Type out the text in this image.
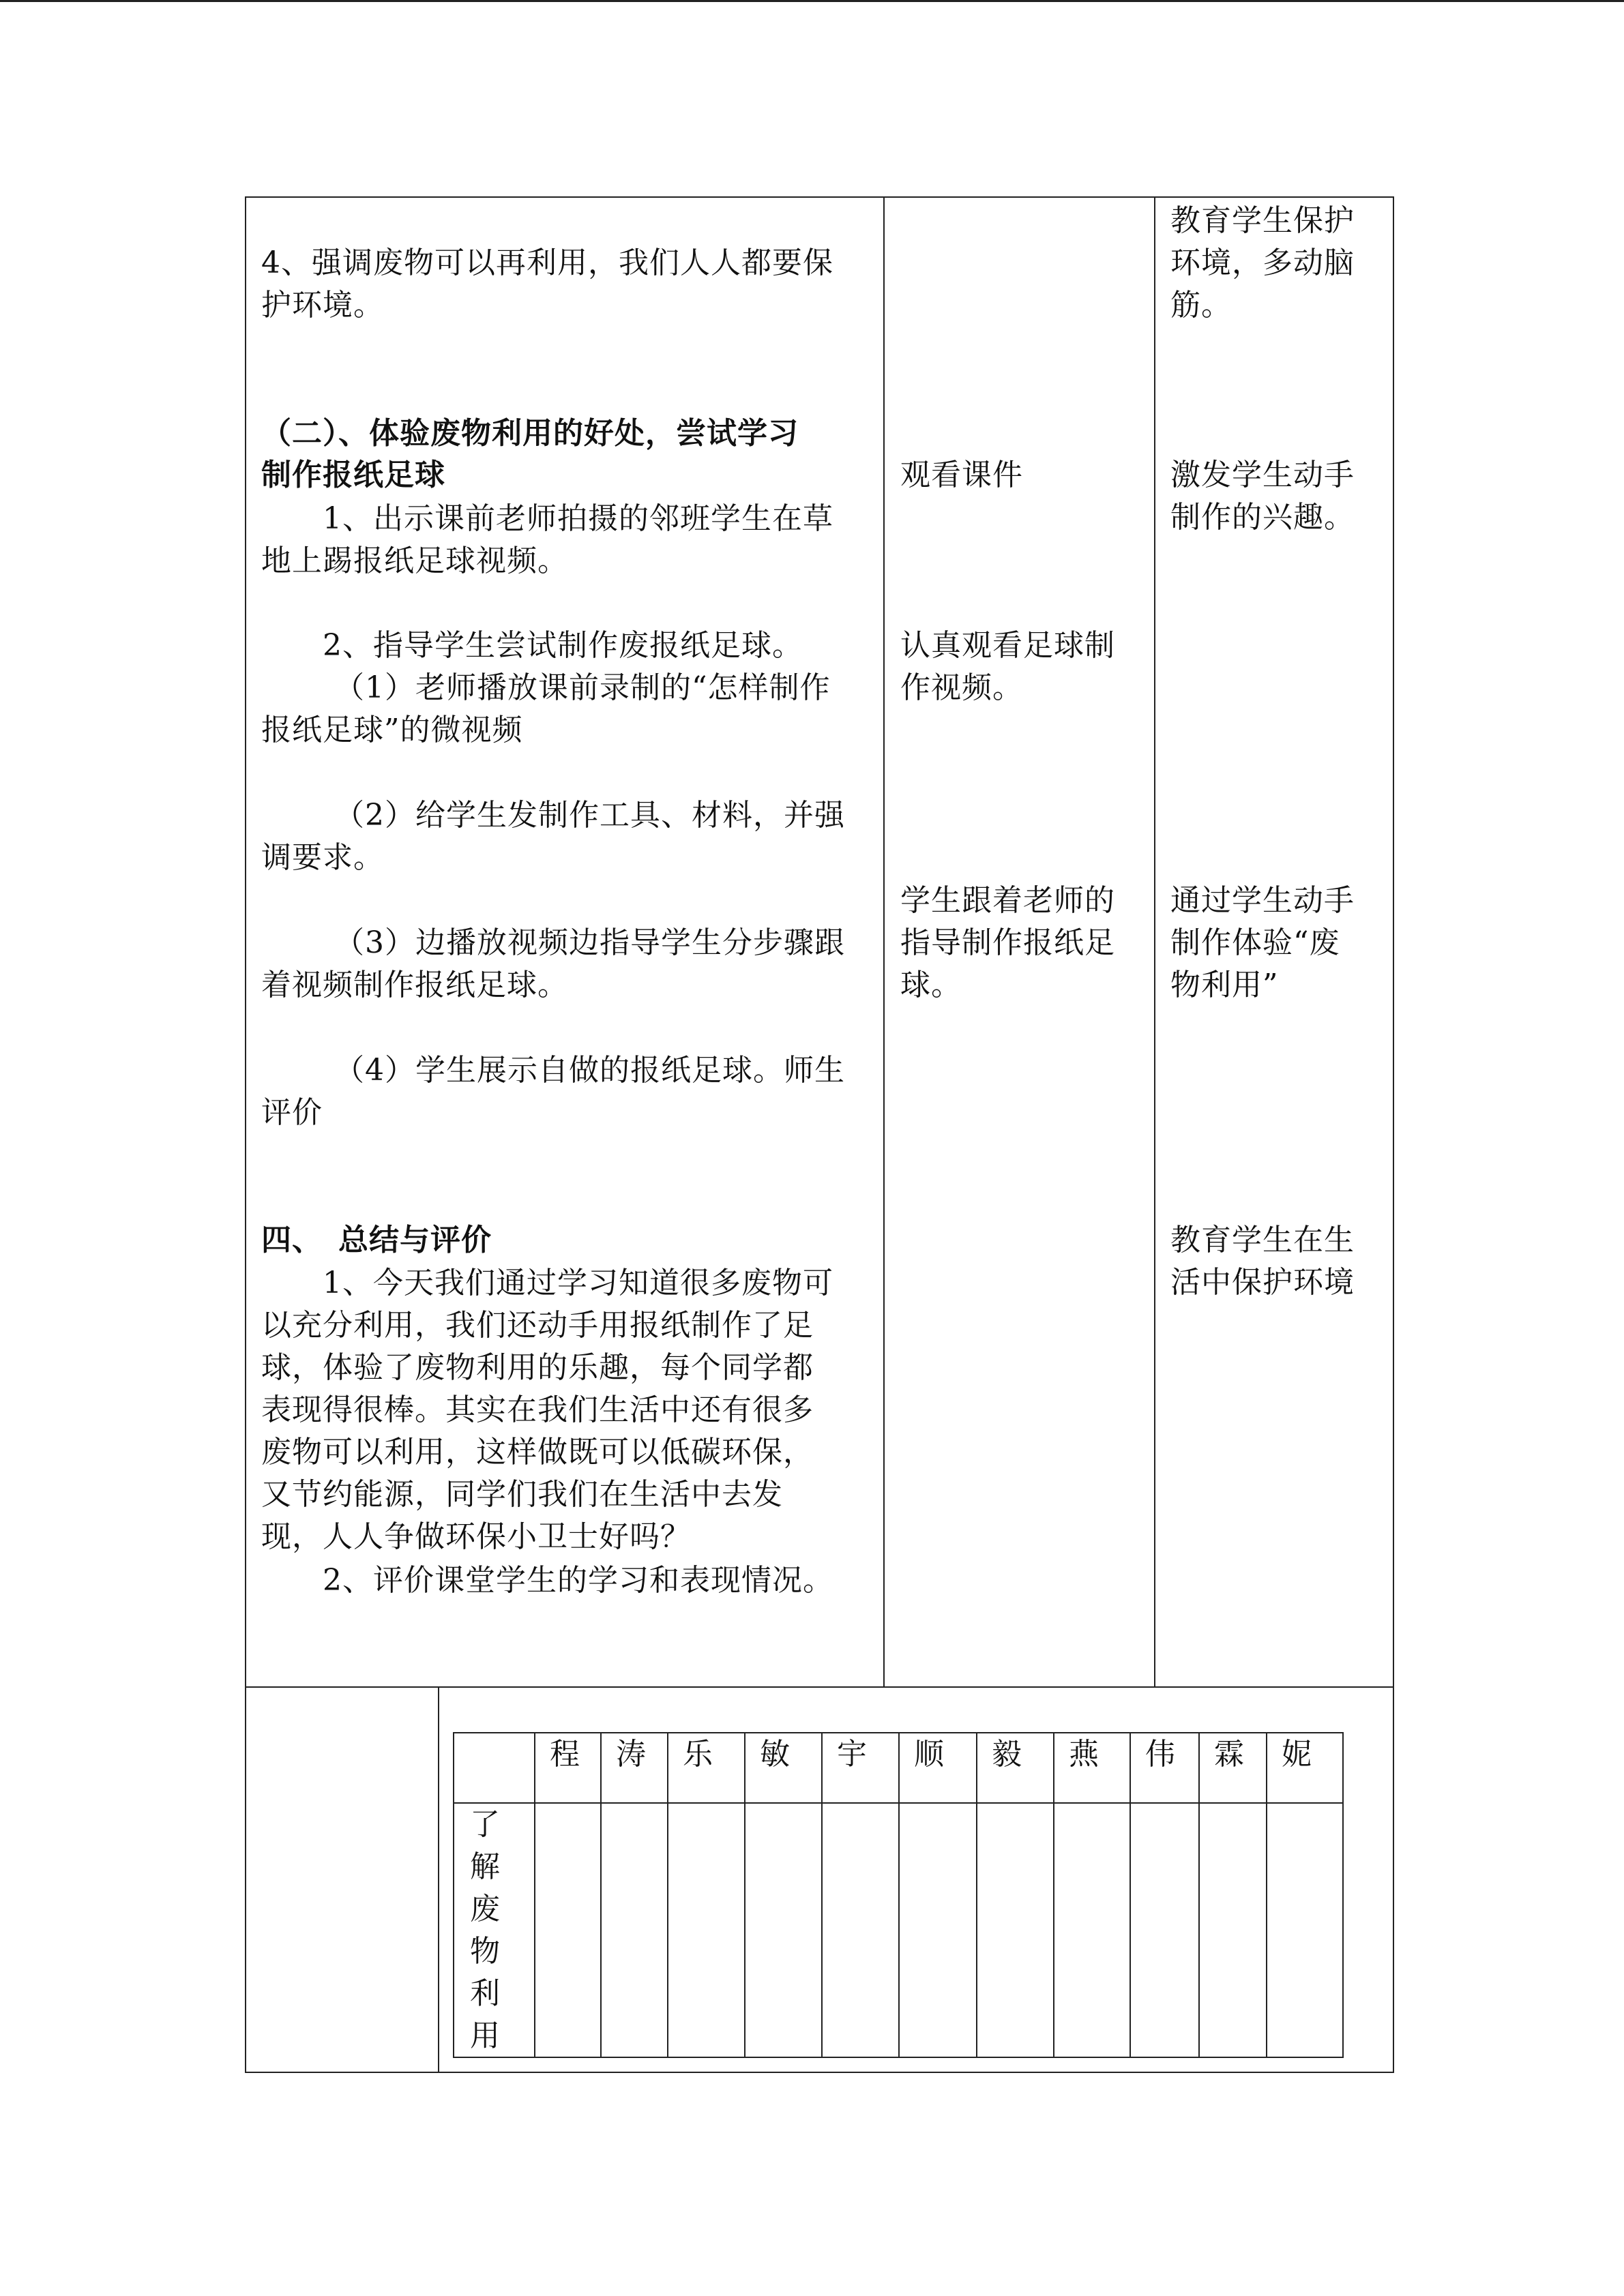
4、强调废物可以再利用，我们人人都要保
护环境。
（二）、体验废物利用的好处，尝试学习
制作报纸足球
1、出示课前老师拍摄的邻班学生在草
地上踢报纸足球视频。
2、指导学生尝试制作废报纸足球。
（1）老师播放课前录制的“怎样制作
报纸足球”的微视频
（2）给学生发制作工具、材料，并强
调要求。
（3）边播放视频边指导学生分步骤跟
着视频制作报纸足球。
（4）学生展示自做的报纸足球。师生
评价
四、　总结与评价
1、今天我们通过学习知道很多废物可
以充分利用，我们还动手用报纸制作了足
球，体验了废物利用的乐趣，每个同学都
表现得很棒。其实在我们生活中还有很多
废物可以利用，这样做既可以低碳环保，
又节约能源，同学们我们在生活中去发
现，人人争做环保小卫士好吗？
2、评价课堂学生的学习和表现情况。
观看课件
认真观看足球制
作视频。
学生跟着老师的
指导制作报纸足
球。
教育学生保护
环境，多动脑
筋。
激发学生动手
制作的兴趣。
通过学生动手
制作体验“废
物利用”
教育学生在生
活中保护环境
程 涛 乐 敏 宇 顺 毅 燕 伟 霖 妮
了
解
废
物
利
用
